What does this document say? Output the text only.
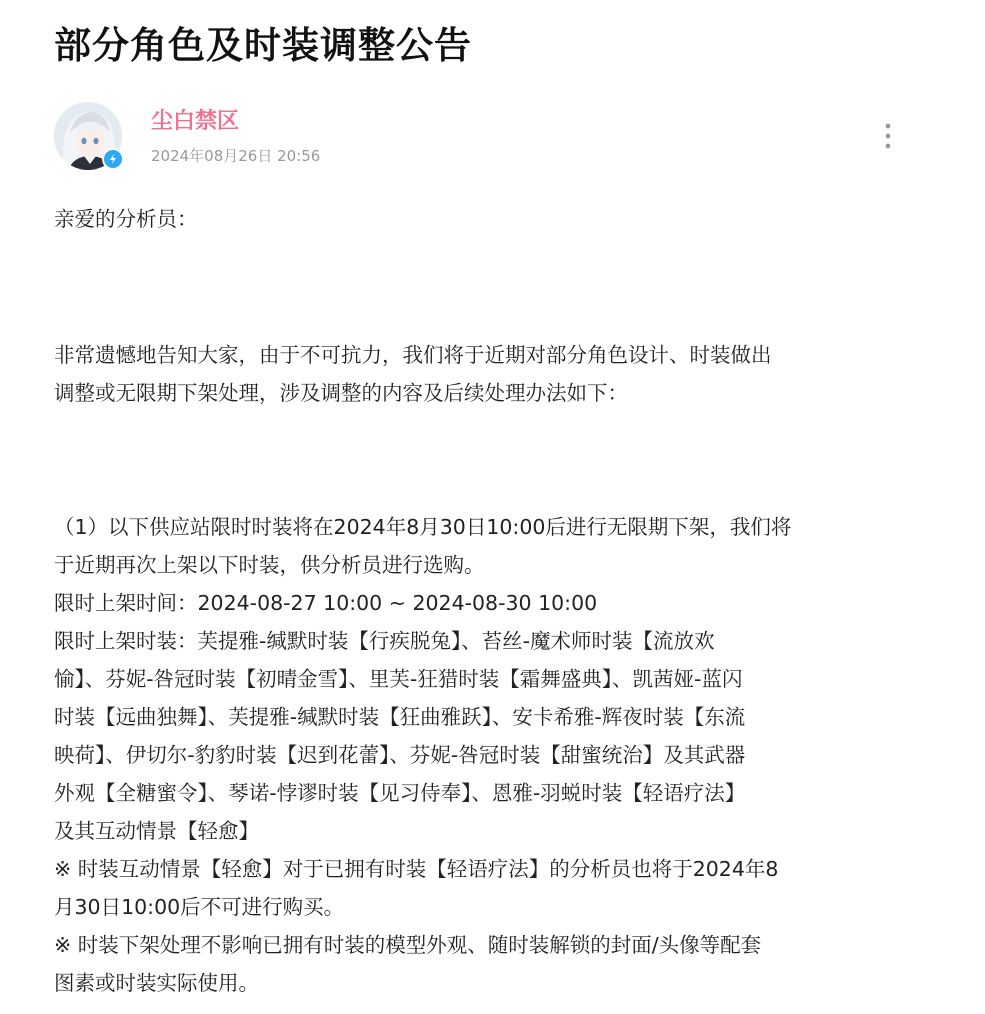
部分角色及时装调整公告
尘白禁区
2024年08月26日 20:56

亲爱的分析员：

非常遗憾地告知大家，由于不可抗力，我们将于近期对部分角色设计、时装做出
调整或无限期下架处理，涉及调整的内容及后续处理办法如下：
（1）以下供应站限时时装将在2024年8月30日10:00后进行无限期下架，我们将
于近期再次上架以下时装，供分析员进行选购。
限时上架时间：2024-08-27 10:00 ~ 2024-08-30 10:00
限时上架时装：芙提雅-缄默时装【行疾脱兔】、苔丝-魔术师时装【流放欢
愉】、芬妮-咎冠时装【初晴金雪】、里芙-狂猎时装【霜舞盛典】、凯茜娅-蓝闪
时装【远曲独舞】、芙提雅-缄默时装【狂曲雅跃】、安卡希雅-辉夜时装【东流
映荷】、伊切尔-豹豹时装【迟到花蕾】、芬妮-咎冠时装【甜蜜统治】及其武器
外观【全糖蜜令】、琴诺-悖谬时装【见习侍奉】、恩雅-羽蜕时装【轻语疗法】
及其互动情景【轻愈】
※ 时装互动情景【轻愈】对于已拥有时装【轻语疗法】的分析员也将于2024年8
月30日10:00后不可进行购买。
※ 时装下架处理不影响已拥有时装的模型外观、随时装解锁的封面/头像等配套
图素或时装实际使用。
